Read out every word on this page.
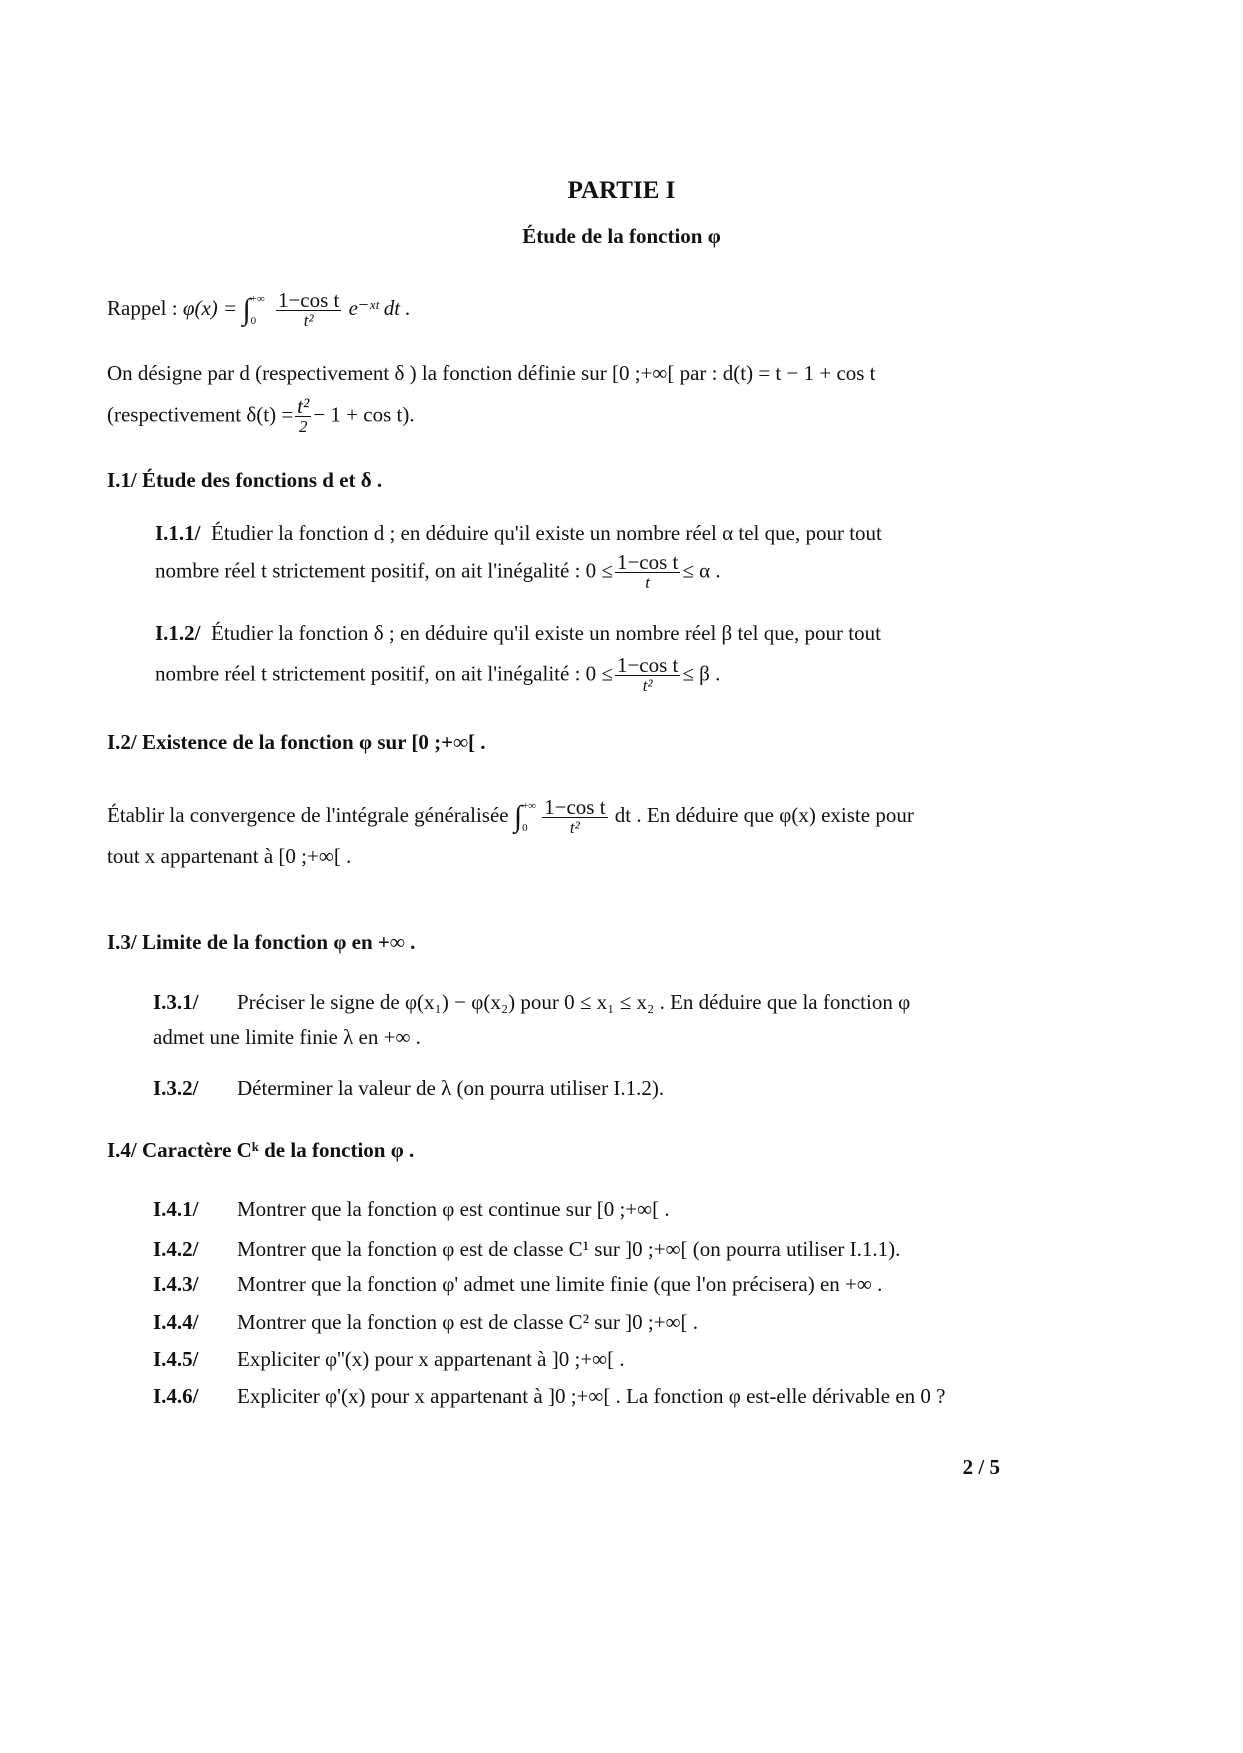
PARTIE I
Étude de la fonction φ
Rappel : φ(x) = ∫ +∞
0

1−cos t
t²
e⁻ˣᵗ dt .
On désigne par d (respectivement δ ) la fonction définie sur [0 ;+∞[ par : d(t) = t − 1 + cos t
(respectivement δ(t) = t²
2
− 1 + cos t).
I.1/ Étude des fonctions d et δ .
I.1.1/ Étudier la fonction d ; en déduire qu'il existe un nombre réel α tel que, pour tout
nombre réel t strictement positif, on ait l'inégalité : 0 ≤ 1−cos t
t
≤ α .
I.1.2/ Étudier la fonction δ ; en déduire qu'il existe un nombre réel β tel que, pour tout
nombre réel t strictement positif, on ait l'inégalité : 0 ≤ 1−cos t
t²
≤ β .
I.2/ Existence de la fonction φ sur [0 ;+∞[ .
Établir la convergence de l'intégrale généralisée ∫ +∞
0
1−cos t
t²
dt . En déduire que φ(x) existe pour
tout x appartenant à [0 ;+∞[ .
I.3/ Limite de la fonction φ en +∞ .
I.3.1/ Préciser le signe de φ(x₁) − φ(x₂) pour 0 ≤ x₁ ≤ x₂ . En déduire que la fonction φ
admet une limite finie λ en +∞ .
I.3.2/ Déterminer la valeur de λ (on pourra utiliser I.1.2).
I.4/ Caractère Cᵏ de la fonction φ .
I.4.1/ Montrer que la fonction φ est continue sur [0 ;+∞[ .
I.4.2/ Montrer que la fonction φ est de classe C¹ sur ]0 ;+∞[ (on pourra utiliser I.1.1).
I.4.3/ Montrer que la fonction φ' admet une limite finie (que l'on précisera) en +∞ .
I.4.4/ Montrer que la fonction φ est de classe C² sur ]0 ;+∞[ .
I.4.5/ Expliciter φ''(x) pour x appartenant à ]0 ;+∞[ .
I.4.6/ Expliciter φ'(x) pour x appartenant à ]0 ;+∞[ . La fonction φ est-elle dérivable en 0 ?
2 / 5
